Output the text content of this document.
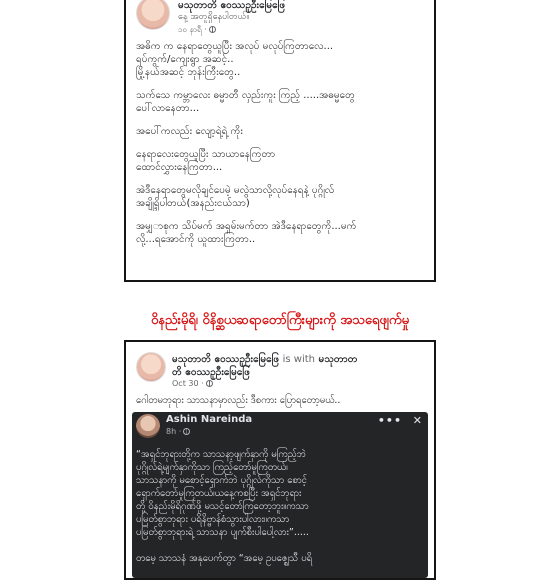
မသုတာတိ ဧဝဿဉုဦးမြေဖြေ
နေ့ အတူရှိနေပါတယ်။
၁၀ နာရီ ·
အဓိက က နေရာတွေယူပြီး အလုပ် မလုပ်ကြတာလေ...
ရပ်ကွက်/ကျေးရွာ အဆင့်..
မြို့နယ်အဆင့် ဘုန်းကြီးတွေ..
သက်သေ ကမ္ဘာလေး ဓမ္မာတီ လှည်းကူး ကြည့် .....အဓမ္မတွေ
ပေါ်လာနေတာ...
အပေါ်ကလည်း လျော့ရဲ့ရဲ့ ကိုး
နေရာလေးတွေယူပြီး သာယာနေကြတာ
ထောင်လွှားနေကြတာ...
အဲဒီနေရာတွေမလိုချင်ပေမဲ့ မလွဲသာလို့လုပ်နေရနဲ့ ပုဂ္ဂိုလ်
အချို့ရှိပါတယ်(အနည်းငယ်သာ)
အမျှ‌ာစုက သိပ်မက် အရှမ်းမက်တာ အဲဒီနေရာတွေကို...မက်
လို့...ရအောင်ကို ယူထားကြတာ..
ဝိနည်းမိုရိ၊ ဝိနိစ္ဆယဆရာတော်ကြီးများကို အသရေဖျက်မှု
မသုတာတိ ဧဝဿဉုဦးမြေဖြေ is with မသုတာတ
တိ ဧဝဿဉုဦးမြေဖြေ
Oct 30 ·
ဂေါတမဘုရား သာသနာမှာလည်း ဒီစကား ပြောရတော့မယ်..
Ashin Nareinda
8h ·
••• ✕
“အရှင်ဘုရားတို့က သာသနာ့ဖျက်နှာကို မကြည့်ဘဲ
ပုဂ္ဂိုလ်ရဲ့မျက်နှာကိုသာ ကြည့်တော်မူကြတယ်၊
သာသနာကို မစောင့်ရှောက်ဘဲ ပုဂ္ဂိုလ်ကိုသာ စောင့်
ရှောက်တော်မူကြတယ်၊ယနေ့ကစပြီး အရှင်ဘုရား
တို့ ဝိနည်းမိုရိဂုဏ်ဖို့ မသင့်တော်ကြတော့ဘူး။ကသာ
ပမြတ်စွာဘုရား ပရိနိဗ္ဗာန်စံသွားပါလား။ကသာ
ပမြတ်စွာဘုရားရဲ့ သာသနာ ပျက်စီးပါပေါ့လား”.....
တမေ့ သာသနံ အနုပေက်တွာ “အမေ့ ဥပဇ္ဈေသီ ပရိ
